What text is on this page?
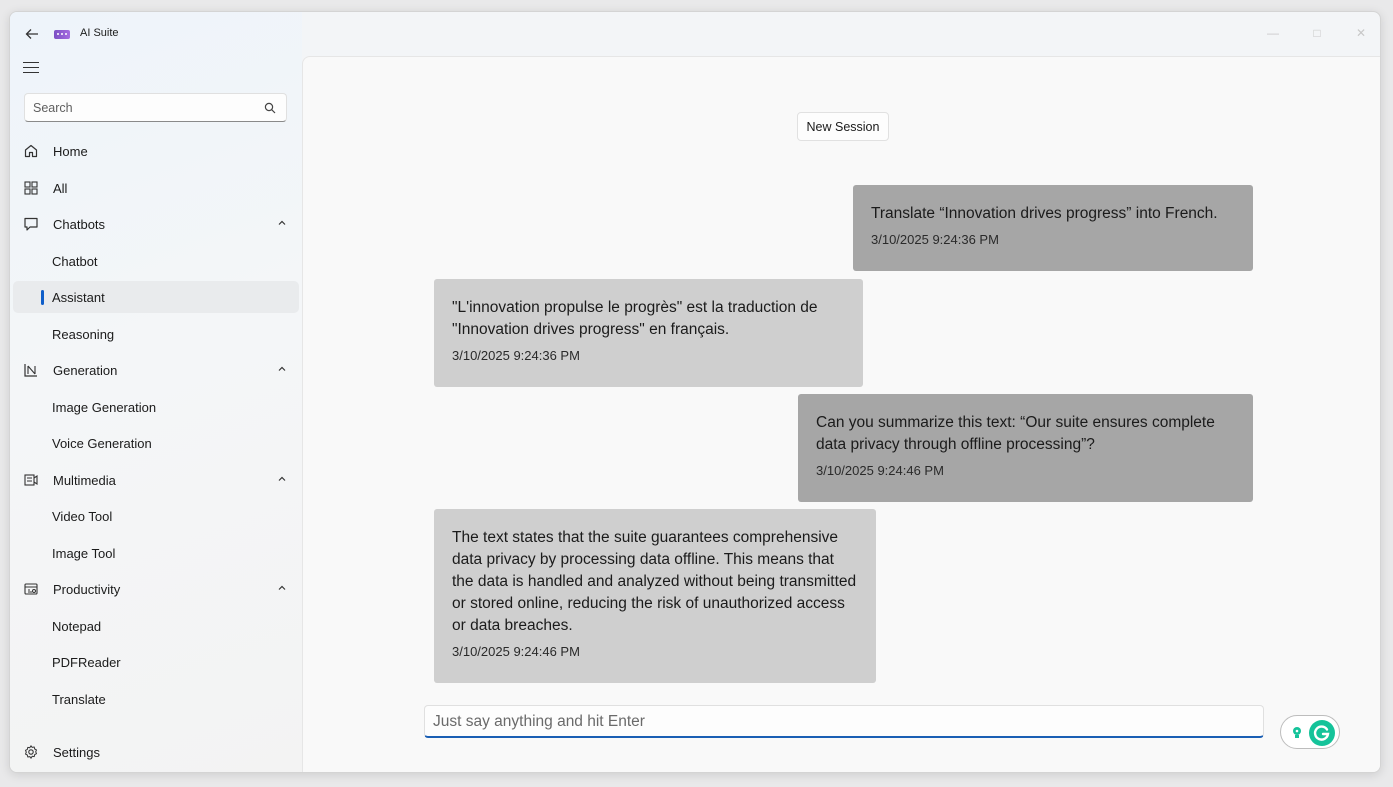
AI Suite	—	□	✕
Search
Home
All
Chatbots
Chatbot
Assistant
Reasoning
Generation
Image Generation
Voice Generation
Multimedia
Video Tool
Image Tool
Productivity
Notepad
PDFReader
Translate
Settings
New Session
Translate “Innovation drives progress” into French.
3/10/2025 9:24:36 PM
"L'innovation propulse le progrès" est la traduction de "Innovation drives progress" en français.
3/10/2025 9:24:36 PM
Can you summarize this text: “Our suite ensures complete data privacy through offline processing”?
3/10/2025 9:24:46 PM
The text states that the suite guarantees comprehensive data privacy by processing data offline. This means that the data is handled and analyzed without being transmitted or stored online, reducing the risk of unauthorized access or data breaches.
3/10/2025 9:24:46 PM
Just say anything and hit Enter
